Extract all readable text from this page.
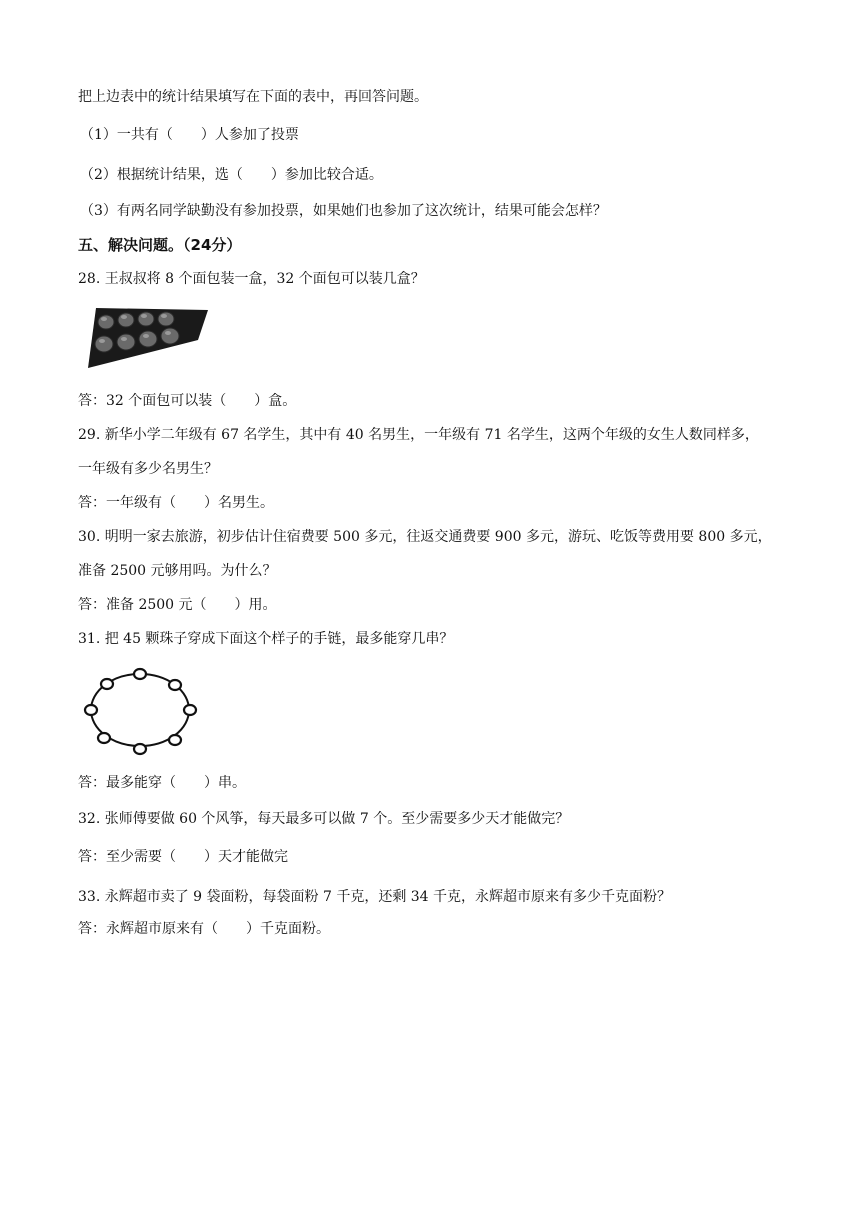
把上边表中的统计结果填写在下面的表中，再回答问题。
（1）一共有（　　）人参加了投票
（2）根据统计结果，选（　　）参加比较合适。
（3）有两名同学缺勤没有参加投票，如果她们也参加了这次统计，结果可能会怎样？
五、解决问题。（24分）
28. 王叔叔将 8 个面包装一盒，32 个面包可以装几盒？
答：32 个面包可以装（　　）盒。
29. 新华小学二年级有 67 名学生，其中有 40 名男生，一年级有 71 名学生，这两个年级的女生人数同样多，
一年级有多少名男生？
答：一年级有（　　）名男生。
30. 明明一家去旅游，初步估计住宿费要 500 多元，往返交通费要 900 多元，游玩、吃饭等费用要 800 多元，
准备 2500 元够用吗。为什么？
答：准备 2500 元（　　）用。
31. 把 45 颗珠子穿成下面这个样子的手链，最多能穿几串？
答：最多能穿（　　）串。
32. 张师傅要做 60 个风筝，每天最多可以做 7 个。至少需要多少天才能做完？
答：至少需要（　　）天才能做完
33. 永辉超市卖了 9 袋面粉，每袋面粉 7 千克，还剩 34 千克，永辉超市原来有多少千克面粉？
答：永辉超市原来有（　　）千克面粉。
